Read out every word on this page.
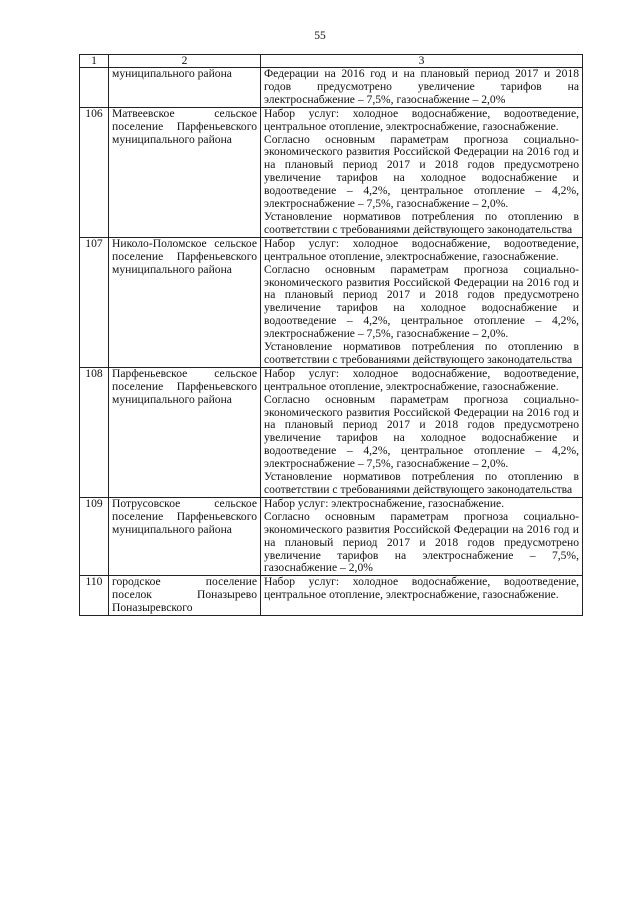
55
1	2	3
	муниципального района	Федерации на 2016 год и на плановый период 2017 и 2018 годов предусмотрено увеличение тарифов на электроснабжение – 7,5%, газоснабжение – 2,0%

106	Матвеевское сельское поселение Парфеньевского муниципального района	Набор услуг: холодное водоснабжение, водоотведение, центральное отопление, электроснабжение, газоснабжение.

Согласно основным параметрам прогноза социально-экономического развития Российской Федерации на 2016 год и на плановый период 2017 и 2018 годов предусмотрено увеличение тарифов на холодное водоснабжение и водоотведение – 4,2%, центральное отопление – 4,2%, электроснабжение – 7,5%, газоснабжение – 2,0%.

Установление нормативов потребления по отоплению в соответствии с требованиями действующего законодательства

107	Николо-Поломское сельское поселение Парфеньевского муниципального района	Набор услуг: холодное водоснабжение, водоотведение, центральное отопление, электроснабжение, газоснабжение.

Согласно основным параметрам прогноза социально-экономического развития Российской Федерации на 2016 год и на плановый период 2017 и 2018 годов предусмотрено увеличение тарифов на холодное водоснабжение и водоотведение – 4,2%, центральное отопление – 4,2%, электроснабжение – 7,5%, газоснабжение – 2,0%.

Установление нормативов потребления по отоплению в соответствии с требованиями действующего законодательства

108	Парфеньевское сельское поселение Парфеньевского муниципального района	Набор услуг: холодное водоснабжение, водоотведение, центральное отопление, электроснабжение, газоснабжение.

Согласно основным параметрам прогноза социально-экономического развития Российской Федерации на 2016 год и на плановый период 2017 и 2018 годов предусмотрено увеличение тарифов на холодное водоснабжение и водоотведение – 4,2%, центральное отопление – 4,2%, электроснабжение – 7,5%, газоснабжение – 2,0%.

Установление нормативов потребления по отоплению в соответствии с требованиями действующего законодательства

109	Потрусовское сельское поселение Парфеньевского муниципального района	Набор услуг: электроснабжение, газоснабжение.

Согласно основным параметрам прогноза социально-экономического развития Российской Федерации на 2016 год и на плановый период 2017 и 2018 годов предусмотрено увеличение тарифов на электроснабжение – 7,5%, газоснабжение – 2,0%

110	городское поселение поселок Поназырево Поназыревского	Набор услуг: холодное водоснабжение, водоотведение, центральное отопление, электроснабжение, газоснабжение.
